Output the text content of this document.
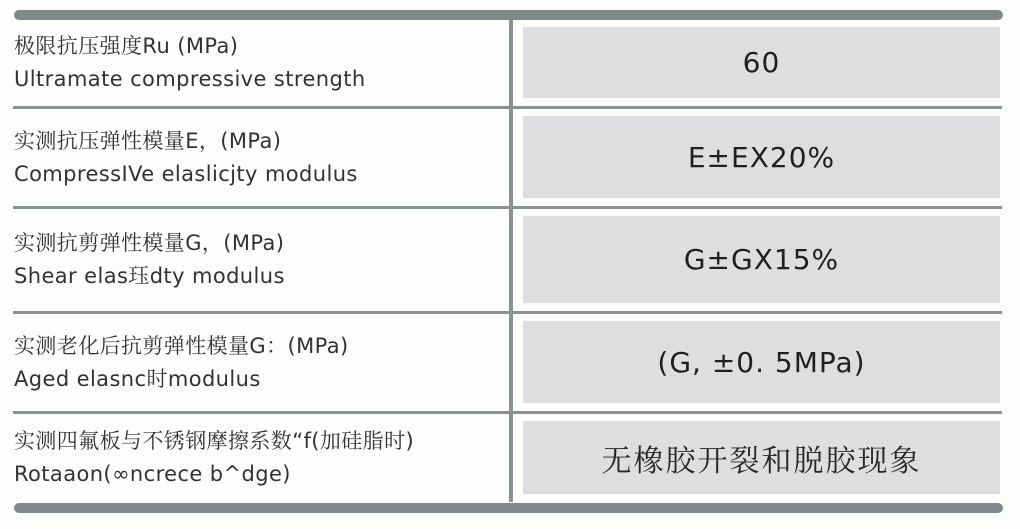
极限抗压强度Ru (MPa)
Ultramate compressive strength	60
实测抗压弹性模量E，(MPa)
CompressIVe elaslicjty modulus	E±EX20%
实测抗剪弹性模量G，(MPa)
Shear elas珏dty modulus	G±GX15%
实测老化后抗剪弹性模量G：(MPa)
Aged elasnc时modulus	(G, ±0. 5MPa)
实测四氟板与不锈钢摩擦系数“f(加硅脂时)
Rotaaon(∞ncrece b^dge)	无橡胶开裂和脱胶现象
